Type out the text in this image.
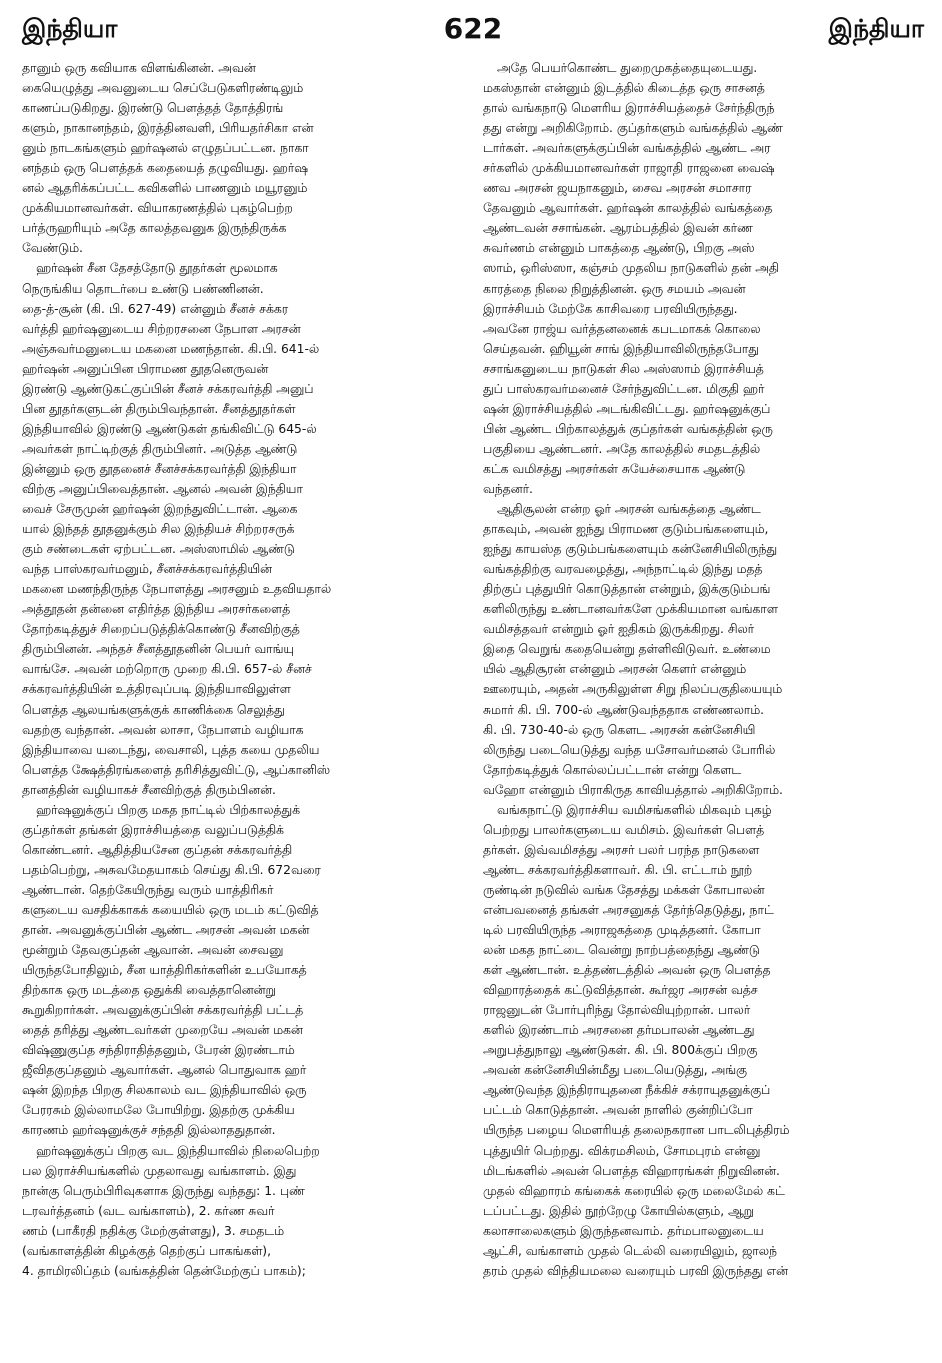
இந்தியா	622	இந்தியா
தானும் ஒரு கவியாக விளங்கினன். அவன்
கையெழுத்து அவனுடைய செப்பேடுகளிரண்டிலும்
காணப்படுகிறது. இரண்டு பௌத்தத் தோத்திரங்
களும், நாகானந்தம், இரத்தினவளி, பிரியதர்சிகா என்
னும் நாடகங்களும் ஹர்ஷனல் எழுதப்பட்டன. நாகா
னந்தம் ஒரு பௌத்தக் கதையைத் தழுவியது. ஹர்ஷ
னல் ஆதரிக்கப்பட்ட கவிகளில் பாணனும் மயூரனும்
முக்கியமானவர்கள். வியாகரணத்தில் புகழ்பெற்ற
பர்த்ருஹரியும் அதே காலத்தவனுக இருந்திருக்க
வேண்டும்.
ஹர்ஷன் சீன தேசத்தோடு தூதர்கள் மூலமாக
நெருங்கிய தொடர்பை உண்டு பண்ணினன்.
தை-த்-சூன் (கி. பி. 627-49) என்னும் சீனச் சக்கர
வர்த்தி ஹர்ஷனுடைய சிற்றரசனை நேபாள அரசன்
அஞ்சுவர்மனுடைய மகனை மணந்தான். கி.பி. 641-ல்
ஹர்ஷன் அனுப்பின பிராமண தூதனெருவன்
இரண்டு ஆண்டுகட்குப்பின் சீனச் சக்கரவர்த்தி அனுப்
பின தூதர்களுடன் திரும்பிவந்தான். சீனத்தூதர்கள்
இந்தியாவில் இரண்டு ஆண்டுகள் தங்கிவிட்டு 645-ல்
அவர்கள் நாட்டிற்குத் திரும்பினர். அடுத்த ஆண்டு
இன்னும் ஒரு தூதனைச் சீனச்சக்கரவர்த்தி இந்தியா
விற்கு அனுப்பிவைத்தான். ஆனல் அவன் இந்தியா
வைச் சேருமுன் ஹர்ஷன் இறந்துவிட்டான். ஆகை
யால் இந்தத் தூதனுக்கும் சில இந்தியச் சிற்றரசருக்
கும் சண்டைகள் ஏற்பட்டன. அஸ்ஸாமில் ஆண்டு
வந்த பாஸ்கரவர்மனும், சீனச்சக்கரவர்த்தியின்
மகனை மணந்திருந்த நேபாளத்து அரசனும் உதவியதால்
அத்தூதன் தன்னை எதிர்த்த இந்திய அரசர்களைத்
தோற்கடித்துச் சிறைப்படுத்திக்கொண்டு சீனவிற்குத்
திரும்பினன். அந்தச் சீனத்தூதனின் பெயர் வாங்யு
வாங்சே. அவன் மற்றொரு முறை கி.பி. 657-ல் சீனச்
சக்கரவர்த்தியின் உத்திரவுப்படி இந்தியாவிலுள்ள
பௌத்த ஆலயங்களுக்குக் காணிக்கை செலுத்து
வதற்கு வந்தான். அவன் லாசா, நேபாளம் வழியாக
இந்தியாவை யடைந்து, வைசாலி, புத்த கயை முதலிய
பௌத்த க்ஷேத்திரங்களைத் தரிசித்துவிட்டு, ஆப்கானிஸ்
தானத்தின் வழியாகச் சீனவிற்குத் திரும்பினன்.
ஹர்ஷனுக்குப் பிறகு மகத நாட்டில் பிற்காலத்துக்
குப்தர்கள் தங்கள் இராச்சியத்தை வலுப்படுத்திக்
கொண்டனர். ஆதித்தியசேன குப்தன் சக்கரவர்த்தி
பதம்பெற்று, அசுவமேதயாகம் செய்து கி.பி. 672வரை
ஆண்டான். தெற்கேயிருந்து வரும் யாத்திரிகர்
களுடைய வசதிக்காகக் கயையில் ஒரு மடம் கட்டுவித்
தான். அவனுக்குப்பின் ஆண்ட அரசன் அவன் மகன்
மூன்றும் தேவகுப்தன் ஆவான். அவன் சைவனு
யிருந்தபோதிலும், சீன யாத்திரிகர்களின் உபயோகத்
திற்காக ஒரு மடத்தை ஒதுக்கி வைத்தானென்று
கூறுகிறார்கள். அவனுக்குப்பின் சக்கரவர்த்தி பட்டத்
தைத் தரித்து ஆண்டவர்கள் முறையே அவன் மகன்
விஷ்ணுகுப்த சந்திராதித்தனும், பேரன் இரண்டாம்
ஜீவிதகுப்தனும் ஆவார்கள். ஆனல் பொதுவாக ஹர்
ஷன் இறந்த பிறகு சிலகாலம் வட இந்தியாவில் ஒரு
பேரரசும் இல்லாமலே போயிற்று. இதற்கு முக்கிய
காரணம் ஹர்ஷனுக்குச் சந்ததி இல்லாததுதான்.
ஹர்ஷனுக்குப் பிறகு வட இந்தியாவில் நிலைபெற்ற
பல இராச்சியங்களில் முதலாவது வங்காளம். இது
நான்கு பெரும்பிரிவுகளாக இருந்து வந்தது: 1. புண்
டரவர்த்தனம் (வட வங்காளம்), 2. கர்ண சுவர்
ணம் (பாகீரதி நதிக்கு மேற்குள்ளது), 3. சமதடம்
(வங்காளத்தின் கிழக்குத் தெற்குப் பாகங்கள்),
4. தாமிரலிப்தம் (வங்கத்தின் தென்மேற்குப் பாகம்);
அதே பெயர்கொண்ட துறைமுகத்தையுடையது.
மகஸ்தான் என்னும் இடத்தில் கிடைத்த ஒரு சாசனத்
தால் வங்கநாடு மௌரிய இராச்சியத்தைச் சேர்ந்திருந்
தது என்று அறிகிறோம். குப்தர்களும் வங்கத்தில் ஆண்
டார்கள். அவர்களுக்குப்பின் வங்கத்தில் ஆண்ட அர
சர்களில் முக்கியமானவர்கள் ராஜாதி ராஜனை வைஷ்
ணவ அரசன் ஜயநாகனும், சைவ அரசன் சமாசார
தேவனும் ஆவார்கள். ஹர்ஷன் காலத்தில் வங்கத்தை
ஆண்டவன் சசாங்கன். ஆரம்பத்தில் இவன் கர்ண
சுவர்ணம் என்னும் பாகத்தை ஆண்டு, பிறகு அஸ்
ஸாம், ஒரிஸ்ஸா, கஞ்சம் முதலிய நாடுகளில் தன் அதி
காரத்தை நிலை நிறுத்தினன். ஒரு சமயம் அவன்
இராச்சியம் மேற்கே காசிவரை பரவியிருந்தது.
அவனே ராஜ்ய வர்த்தனனைக் கபடமாகக் கொலை
செய்தவன். ஹியூன் சாங் இந்தியாவிலிருந்தபோது
சசாங்கனுடைய நாடுகள் சில அஸ்ஸாம் இராச்சியத்
துப் பாஸ்கரவர்மனைச் சேர்ந்துவிட்டன. மிகுதி ஹர்
ஷன் இராச்சியத்தில் அடங்கிவிட்டது. ஹர்ஷனுக்குப்
பின் ஆண்ட பிற்காலத்துக் குப்தர்கள் வங்கத்தின் ஒரு
பகுதியை ஆண்டனர். அதே காலத்தில் சமதடத்தில்
கட்க வமிசத்து அரசர்கள் சுயேச்சையாக ஆண்டு
வந்தனர்.
ஆதிசூலன் என்ற ஓர் அரசன் வங்கத்தை ஆண்ட
தாகவும், அவன் ஐந்து பிராமண குடும்பங்களையும்,
ஐந்து காயஸ்த குடும்பங்களையும் கன்னேசியிலிருந்து
வங்கத்திற்கு வரவழைத்து, அந்நாட்டில் இந்து மதத்
திற்குப் புத்துயிர் கொடுத்தான் என்றும், இக்குடும்பங்
களிலிருந்து உண்டானவர்களே முக்கியமான வங்காள
வமிசத்தவர் என்றும் ஓர் ஐதிகம் இருக்கிறது. சிலர்
இதை வெறுங் கதையென்று தள்ளிவிடுவர். உண்மை
யில் ஆதிசூரன் என்னும் அரசன் கௌர் என்னும்
ஊரையும், அதன் அருகிலுள்ள சிறு நிலப்பகுதியையும்
சுமார் கி. பி. 700-ல் ஆண்டுவந்ததாக எண்ணலாம்.
கி. பி. 730-40-ல் ஒரு கௌட அரசன் கன்னேசியி
லிருந்து படையெடுத்து வந்த யசோவர்மனல் போரில்
தோற்கடித்துக் கொல்லப்பட்டான் என்று கௌட
வஹோ என்னும் பிராகிருத காவியத்தால் அறிகிறோம்.
வங்கநாட்டு இராச்சிய வமிசங்களில் மிகவும் புகழ்
பெற்றது பாலர்களுடைய வமிசம். இவர்கள் பௌத்
தர்கள். இவ்வமிசத்து அரசர் பலர் பரந்த நாடுகளை
ஆண்ட சக்கரவர்த்திகளாவர். கி. பி. எட்டாம் நூற்
ருண்டின் நடுவில் வங்க தேசத்து மக்கள் கோபாலன்
என்பவனைத் தங்கள் அரசனுகத் தேர்ந்தெடுத்து, நாட்
டில் பரவியிருந்த அராஜகத்தை முடித்தனர். கோபா
லன் மகத நாட்டை வென்று நாற்பத்தைந்து ஆண்டு
கள் ஆண்டான். உத்தண்டத்தில் அவன் ஒரு பௌத்த
விஹாரத்தைக் கட்டுவித்தான். கூர்ஜர அரசன் வத்ச
ராஜனுடன் போர்புரிந்து தோல்வியுற்றான். பாலர்
களில் இரண்டாம் அரசனை தர்மபாலன் ஆண்டது
அறுபத்துநாலு ஆண்டுகள். கி. பி. 800க்குப் பிறகு
அவன் கன்னேசியின்மீது படையெடுத்து, அங்கு
ஆண்டுவந்த இந்திராயுதனை நீக்கிச் சக்ராயுதனுக்குப்
பட்டம் கொடுத்தான். அவன் நாளில் குன்றிப்போ
யிருந்த பழைய மௌரியத் தலைநகரான பாடலிபுத்திரம்
புத்துயிர் பெற்றது. விக்ரமசிலம், சோமபுரம் என்னு
மிடங்களில் அவன் பௌத்த விஹாரங்கள் நிறுவினன்.
முதல் விஹாரம் கங்கைக் கரையில் ஒரு மலைமேல் கட்
டப்பட்டது. இதில் நூற்றேழு கோயில்களும், ஆறு
கலாசாலைகளும் இருந்தனவாம். தர்மபாலனுடைய
ஆட்சி, வங்காளம் முதல் டெல்லி வரையிலும், ஜாலந்
தரம் முதல் விந்தியமலை வரையும் பரவி இருந்தது என்
